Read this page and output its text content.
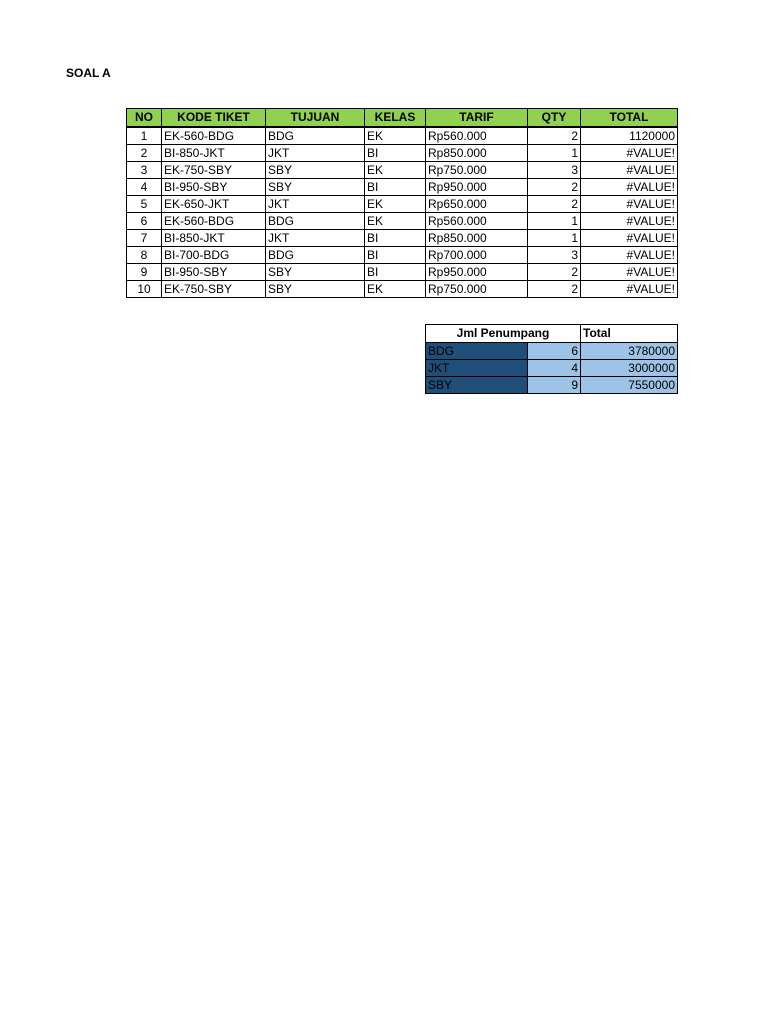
SOAL A
NO	KODE TIKET	TUJUAN	KELAS	TARIF	QTY	TOTAL
1	EK-560-BDG	BDG	EK	Rp560.000	2	1120000
2	BI-850-JKT	JKT	BI	Rp850.000	1	#VALUE!
3	EK-750-SBY	SBY	EK	Rp750.000	3	#VALUE!
4	BI-950-SBY	SBY	BI	Rp950.000	2	#VALUE!
5	EK-650-JKT	JKT	EK	Rp650.000	2	#VALUE!
6	EK-560-BDG	BDG	EK	Rp560.000	1	#VALUE!
7	BI-850-JKT	JKT	BI	Rp850.000	1	#VALUE!
8	BI-700-BDG	BDG	BI	Rp700.000	3	#VALUE!
9	BI-950-SBY	SBY	BI	Rp950.000	2	#VALUE!
10	EK-750-SBY	SBY	EK	Rp750.000	2	#VALUE!
Jml Penumpang		Total
BDG	6	3780000
JKT	4	3000000
SBY	9	7550000
